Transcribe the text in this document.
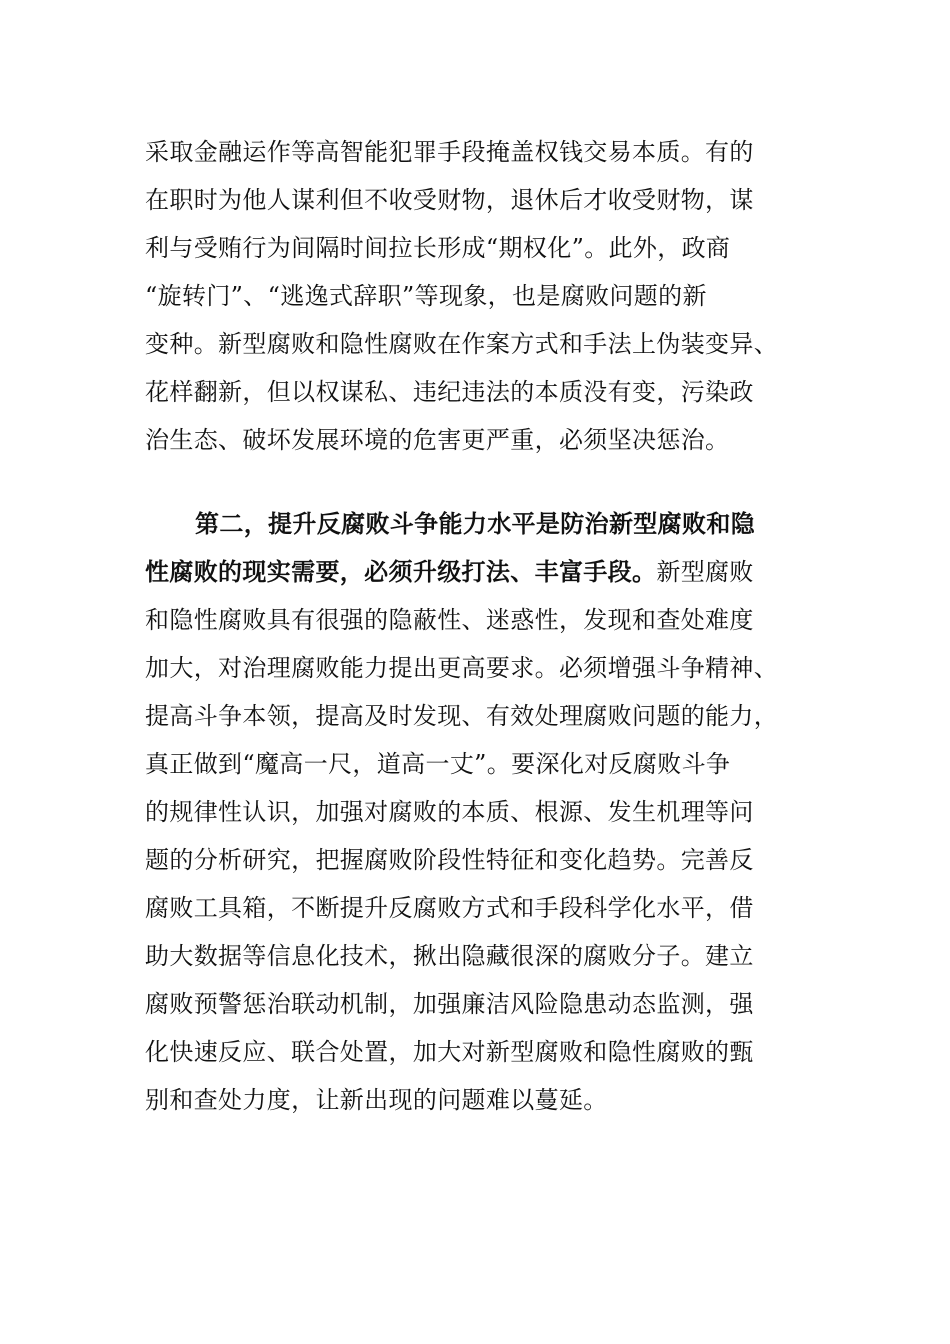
采取金融运作等高智能犯罪手段掩盖权钱交易本质。有的
在职时为他人谋利但不收受财物，退休后才收受财物，谋
利与受贿行为间隔时间拉长形成“期权化”。此外，政商
“旋转门”、“逃逸式辞职”等现象，也是腐败问题的新
变种。新型腐败和隐性腐败在作案方式和手法上伪装变异、
花样翻新，但以权谋私、违纪违法的本质没有变，污染政
治生态、破坏发展环境的危害更严重，必须坚决惩治。
第二，提升反腐败斗争能力水平是防治新型腐败和隐
性腐败的现实需要，必须升级打法、丰富手段。新型腐败
和隐性腐败具有很强的隐蔽性、迷惑性，发现和查处难度
加大，对治理腐败能力提出更高要求。必须增强斗争精神、
提高斗争本领，提高及时发现、有效处理腐败问题的能力，
真正做到“魔高一尺，道高一丈”。要深化对反腐败斗争
的规律性认识，加强对腐败的本质、根源、发生机理等问
题的分析研究，把握腐败阶段性特征和变化趋势。完善反
腐败工具箱，不断提升反腐败方式和手段科学化水平，借
助大数据等信息化技术，揪出隐藏很深的腐败分子。建立
腐败预警惩治联动机制，加强廉洁风险隐患动态监测，强
化快速反应、联合处置，加大对新型腐败和隐性腐败的甄
别和查处力度，让新出现的问题难以蔓延。
